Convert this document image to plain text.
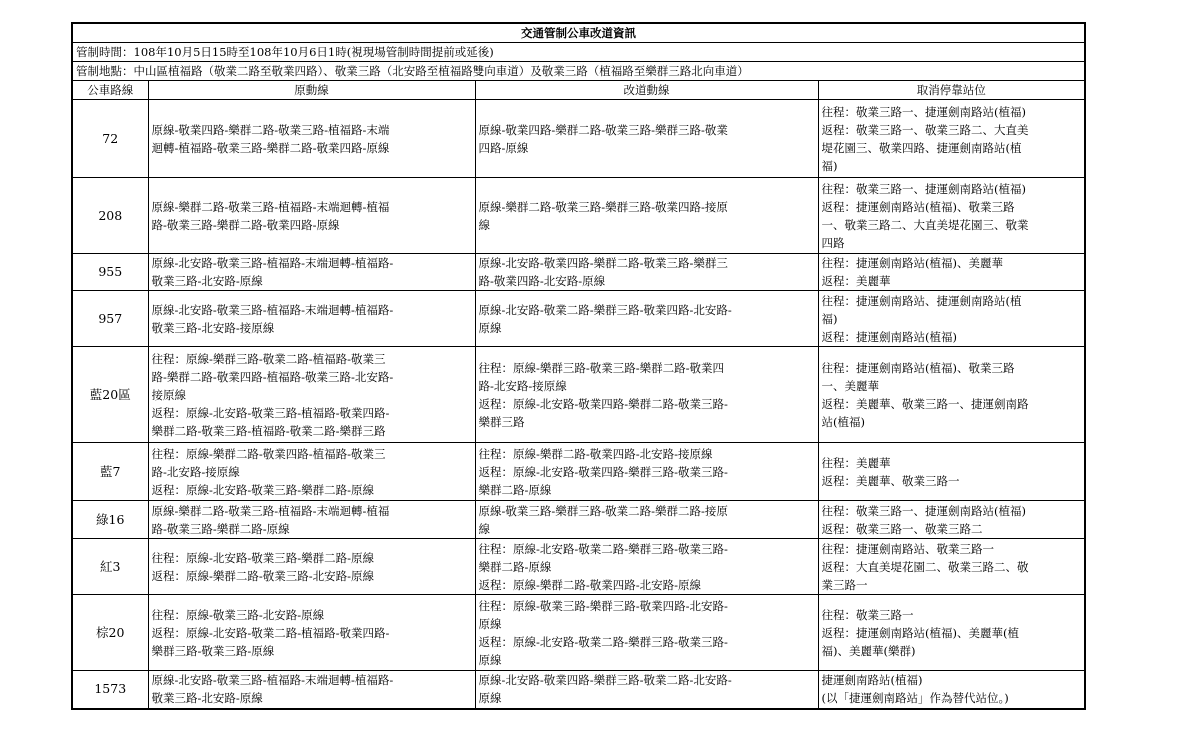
交通管制公車改道資訊			
管制時間：108年10月5日15時至108年10月6日1時(視現場管制時間提前或延後)			
管制地點：中山區植福路（敬業二路至敬業四路）、敬業三路（北安路至植福路雙向車道）及敬業三路（植福路至樂群三路北向車道）			
公車路線	原動線	改道動線	取消停靠站位
72	原線-敬業四路-樂群二路-敬業三路-植福路-末端
迴轉-植福路-敬業三路-樂群二路-敬業四路-原線	原線-敬業四路-樂群二路-敬業三路-樂群三路-敬業
四路-原線	往程：敬業三路一、捷運劍南路站(植福)
返程：敬業三路一、敬業三路二、大直美
堤花園三、敬業四路、捷運劍南路站(植
福)

208	原線-樂群二路-敬業三路-植福路-末端迴轉-植福
路-敬業三路-樂群二路-敬業四路-原線	原線-樂群二路-敬業三路-樂群三路-敬業四路-接原
線	往程：敬業三路一、捷運劍南路站(植福)
返程：捷運劍南路站(植福)、敬業三路
一、敬業三路二、大直美堤花園三、敬業
四路

955	原線-北安路-敬業三路-植福路-末端迴轉-植福路-
敬業三路-北安路-原線	原線-北安路-敬業四路-樂群二路-敬業三路-樂群三
路-敬業四路-北安路-原線	往程：捷運劍南路站(植福)、美麗華
返程：美麗華

957	原線-北安路-敬業三路-植福路-末端迴轉-植福路-
敬業三路-北安路-接原線	原線-北安路-敬業二路-樂群三路-敬業四路-北安路-
原線	往程：捷運劍南路站、捷運劍南路站(植
福)
返程：捷運劍南路站(植福)

藍20區	往程：原線-樂群三路-敬業二路-植福路-敬業三
路-樂群二路-敬業四路-植福路-敬業三路-北安路-
接原線
返程：原線-北安路-敬業三路-植福路-敬業四路-
樂群二路-敬業三路-植福路-敬業二路-樂群三路	往程：原線-樂群三路-敬業三路-樂群二路-敬業四
路-北安路-接原線
返程：原線-北安路-敬業四路-樂群二路-敬業三路-
樂群三路	往程：捷運劍南路站(植福)、敬業三路
一、美麗華
返程：美麗華、敬業三路一、捷運劍南路
站(植福)

藍7	往程：原線-樂群二路-敬業四路-植福路-敬業三
路-北安路-接原線
返程：原線-北安路-敬業三路-樂群二路-原線	往程：原線-樂群二路-敬業四路-北安路-接原線
返程：原線-北安路-敬業四路-樂群三路-敬業三路-
樂群二路-原線	往程：美麗華
返程：美麗華、敬業三路一

綠16	原線-樂群二路-敬業三路-植福路-末端迴轉-植福
路-敬業三路-樂群二路-原線	原線-敬業三路-樂群三路-敬業二路-樂群二路-接原
線	往程：敬業三路一、捷運劍南路站(植福)
返程：敬業三路一、敬業三路二

紅3	往程：原線-北安路-敬業三路-樂群二路-原線
返程：原線-樂群二路-敬業三路-北安路-原線	往程：原線-北安路-敬業二路-樂群三路-敬業三路-
樂群二路-原線
返程：原線-樂群二路-敬業四路-北安路-原線	往程：捷運劍南路站、敬業三路一
返程：大直美堤花園二、敬業三路二、敬
業三路一

棕20	往程：原線-敬業三路-北安路-原線
返程：原線-北安路-敬業二路-植福路-敬業四路-
樂群三路-敬業三路-原線	往程：原線-敬業三路-樂群三路-敬業四路-北安路-
原線
返程：原線-北安路-敬業二路-樂群三路-敬業三路-
原線	往程：敬業三路一
返程：捷運劍南路站(植福)、美麗華(植
福)、美麗華(樂群)

1573	原線-北安路-敬業三路-植福路-末端迴轉-植福路-
敬業三路-北安路-原線	原線-北安路-敬業四路-樂群三路-敬業二路-北安路-
原線	捷運劍南路站(植福)
(以「捷運劍南路站」作為替代站位。)
